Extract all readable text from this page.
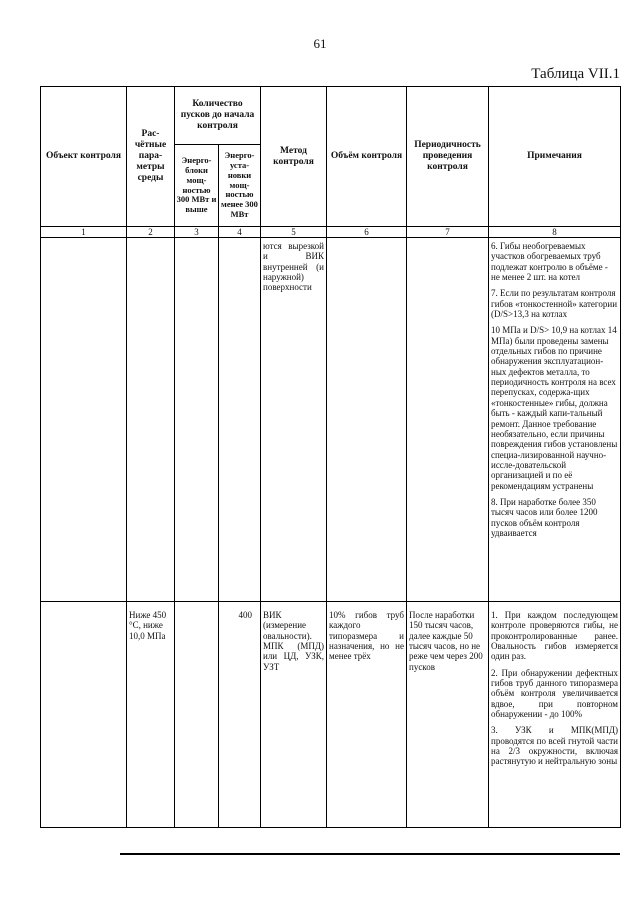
61
Таблица VII.1
Объект контроля	Рас-чётные пара-метры среды	Количество пусков до начала контроля		Метод контроля	Объём контроля	Периодичность проведения контроля	Примечания
		Энерго-блоки мощ-ностью 300 МВт и выше	Энерго-уста-новки мощ-ностью менее 300 МВт				
1	2	3	4	5	6	7	8

				ются вырезкой и ВИК внутренней (и наружной) поверхности			6. Гибы необогреваемых участков обогреваемых труб подлежат контролю в объёме - не менее 2 шт. на котел

7. Если по результатам контроля гибов «тонкостенной» категории (D/S>13,3 на котлах

10 МПа и D/S> 10,9 на котлах 14 МПа) были проведены замены отдельных гибов по причине обнаружения эксплуатацион-ных дефектов металла, то периодичность контроля на всех перепусках, содержа-щих «тонкостенные» гибы, должна быть - каждый капи-тальный ремонт. Данное требование необязательно, если причины повреждения гибов установлены специа-лизированной научно-иссле-довательской организацией и по её рекомендациям устранены

8. При наработке более 350 тысяч часов или более 1200 пусков объём контроля удваивается

	Ниже 450 °С, ниже 10,0 МПа		400	ВИК (измерение овальности). МПК (МПД) или ЦД, УЗК, УЗТ	10% гибов труб каждого типоразмера и назначения, но не менее трёх	После наработки 150 тысяч часов, далее каждые 50 тысяч часов, но не реже чем через 200 пусков	1. При каждом последующем контроле проверяются гибы, не проконтролированные ранее. Овальность гибов измеряется один раз.

2. При обнаружении дефектных гибов труб данного типоразмера объём контроля увеличивается вдвое, при повторном обнаружении - до 100%

3. УЗК и МПК(МПД) проводятся по всей гнутой части на 2/3 окружности, включая растянутую и нейтральную зоны
